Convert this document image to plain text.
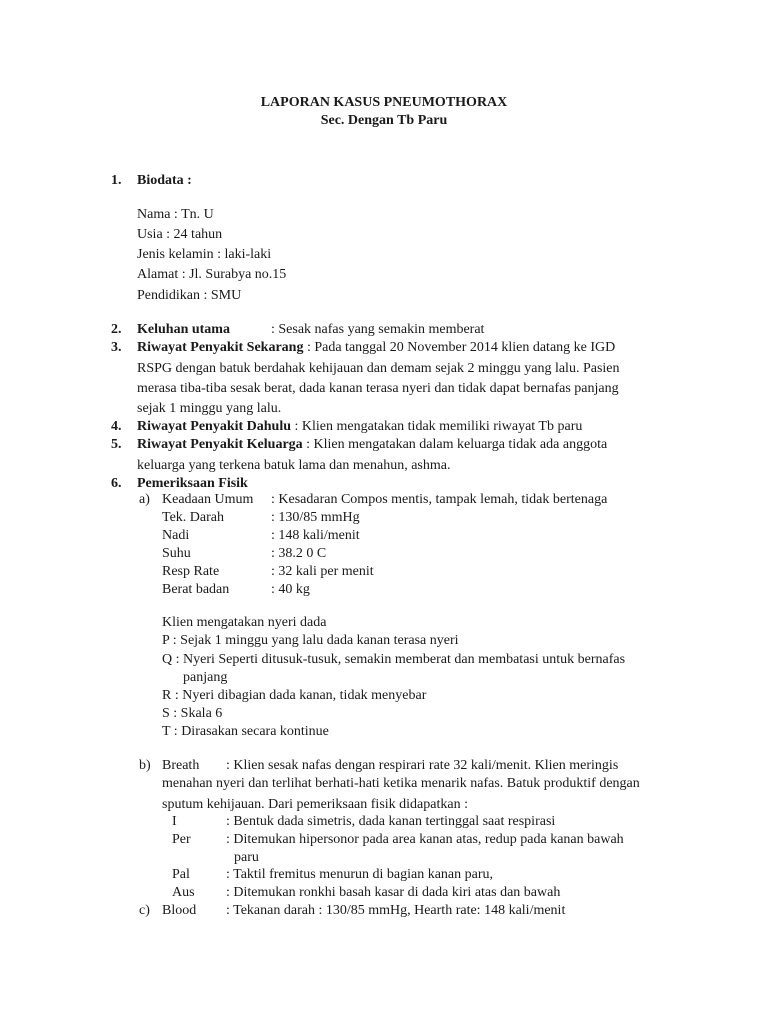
LAPORAN KASUS PNEUMOTHORAX
Sec. Dengan Tb Paru
1. Biodata :
Nama : Tn. U
Usia : 24 tahun
Jenis kelamin : laki-laki
Alamat : Jl. Surabya no.15
Pendidikan : SMU
2. Keluhan utama	: Sesak nafas yang semakin memberat
3. Riwayat Penyakit Sekarang : Pada tanggal 20 November 2014 klien datang ke IGD
RSPG dengan batuk berdahak kehijauan dan demam sejak 2 minggu yang lalu. Pasien
merasa tiba-tiba sesak berat, dada kanan terasa nyeri dan tidak dapat bernafas panjang
sejak 1 minggu yang lalu.
4. Riwayat Penyakit Dahulu : Klien mengatakan tidak memiliki riwayat Tb paru
5. Riwayat Penyakit Keluarga : Klien mengatakan dalam keluarga tidak ada anggota
keluarga yang terkena batuk lama dan menahun, ashma.
6. Pemeriksaan Fisik
a) Keadaan Umum : Kesadaran Compos mentis, tampak lemah, tidak bertenaga
Tek. Darah	: 130/85 mmHg
Nadi	: 148 kali/menit
Suhu	: 38.2 0 C
Resp Rate	: 32 kali per menit
Berat badan	: 40 kg
Klien mengatakan nyeri dada
P : Sejak 1 minggu yang lalu dada kanan terasa nyeri
Q : Nyeri Seperti ditusuk-tusuk, semakin memberat dan membatasi untuk bernafas
panjang
R : Nyeri dibagian dada kanan, tidak menyebar
S : Skala 6
T : Dirasakan secara kontinue
b) Breath : Klien sesak nafas dengan respirari rate 32 kali/menit. Klien meringis
menahan nyeri dan terlihat berhati-hati ketika menarik nafas. Batuk produktif dengan
sputum kehijauan. Dari pemeriksaan fisik didapatkan :
I	: Bentuk dada simetris, dada kanan tertinggal saat respirasi
Per	: Ditemukan hipersonor pada area kanan atas, redup pada kanan bawah
paru
Pal	: Taktil fremitus menurun di bagian kanan paru,
Aus : Ditemukan ronkhi basah kasar di dada kiri atas dan bawah
c) Blood : Tekanan darah : 130/85 mmHg, Hearth rate: 148 kali/menit
